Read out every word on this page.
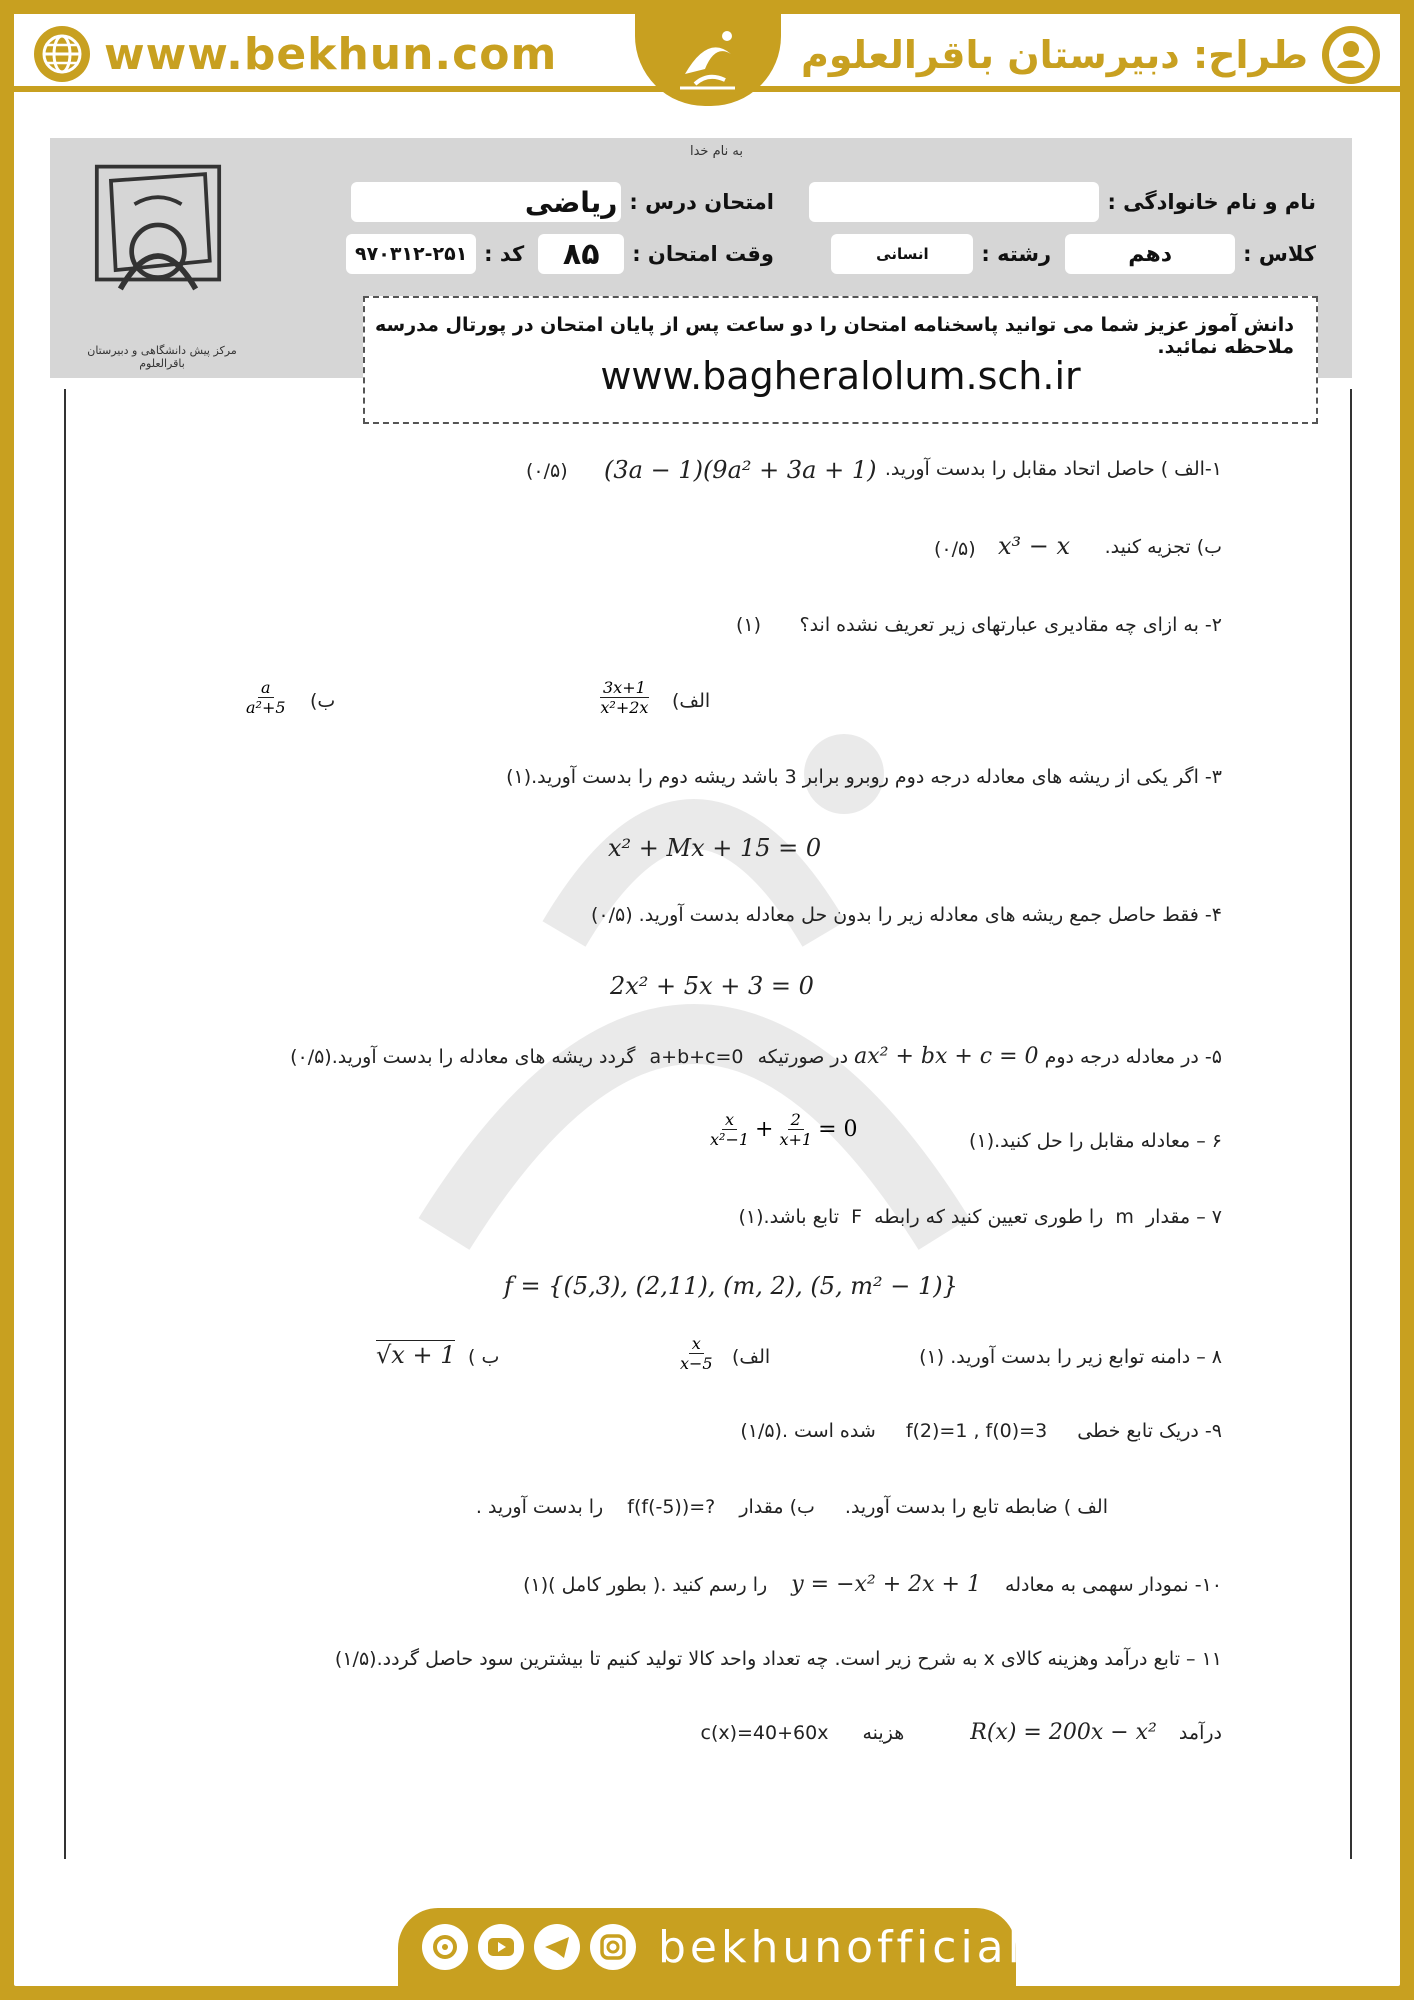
www.bekhun.com	طراح: دبیرستان باقرالعلوم
مرکز پیش دانشگاهی و دبیرستان باقرالعلوم
به نام خدا
نام و نام خانوادگی :
امتحان درس :
ریاضی
کلاس :
دهم
رشته :
انسانی
وقت امتحان :
۸۵
کد :
۹۷۰۳۱۲-۲۵۱
دانش آموز عزیز شما می توانید پاسخنامه امتحان را دو ساعت پس از پایان امتحان در پورتال مدرسه ملاحظه نمائید.
www.bagheralolum.sch.ir
۱-الف ) حاصل اتحاد مقابل را بدست آورید.
(3a − 1)(9a² + 3a + 1)
(۰/۵)
ب) تجزیه کنید.
x³ − x
(۰/۵)
۲- به ازای چه مقادیری عبارتهای زیر تعریف نشده اند؟
(۱)
الف)
$\frac{3x+1}{\text{x²+2x}}$
ب)
$\frac{a}{\text{a²+5}}$
۳- اگر یکی از ریشه های معادله درجه دوم روبرو برابر 3 باشد ریشه دوم را بدست آورید.(۱)
x² + Mx + 15 = 0
۴- فقط حاصل جمع ریشه های معادله زیر را بدون حل معادله بدست آورید. (۰/۵)
2x² + 5x + 3 = 0
۵- در معادله درجه دوم ax² + bx + c = 0 در صورتیکه a+b+c=0 گردد ریشه های معادله را بدست آورید.(۰/۵)
۶ – معادله مقابل را حل کنید.(۱)
$\frac{x}{\text{x²−1}} + \frac{2}{x+1} = 0$
۷ – مقدار m را طوری تعیین کنید که رابطه F تابع باشد.(۱)
f = {(5,3), (2,11), (m, 2), (5, m² − 1)}
۸ – دامنه توابع زیر را بدست آورید. (۱)
الف)
$\frac{x}{x-5}$
ب )
√x + 1
۹- دریک تابع خطی f(2)=1 , f(0)=3 شده است .(۱/۵)
الف ) ضابطه تابع را بدست آورید. ب) مقدار f(f(-5))=? را بدست آورید .
۱۰- نمودار سهمی به معادله y = −x² + 2x + 1 را رسم کنید .( بطور کامل )(۱)
۱۱ – تابع درآمد وهزینه کالای x به شرح زیر است. چه تعداد واحد کالا تولید کنیم تا بیشترین سود حاصل گردد.(۱/۵)
درآمد R(x) = 200x − x² هزینه c(x)=40+60x
bekhunofficial
